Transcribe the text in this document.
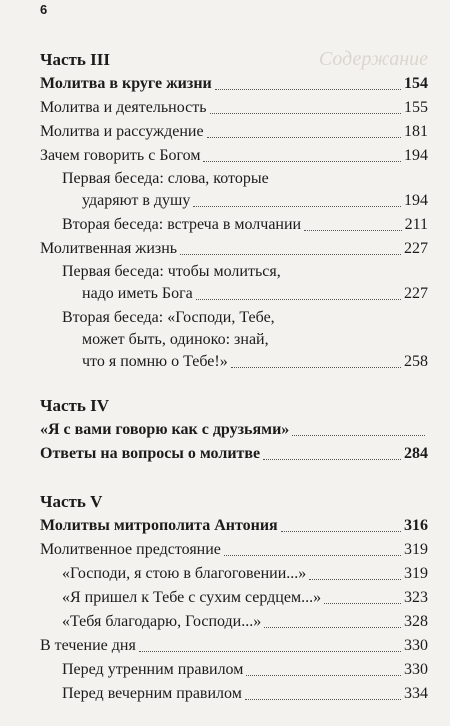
6
Содержание
Часть III
Молитва в круге жизни	154
Молитва и деятельность	155
Молитва и рассуждение	181
Зачем говорить с Богом	194
Первая беседа: слова, которые
ударяют в душу	194
Вторая беседа: встреча в молчании	211
Молитвенная жизнь	227
Первая беседа: чтобы молиться,
надо иметь Бога	227
Вторая беседа: «Господи, Тебе,
может быть, одиноко: знай,
что я помню о Тебе!»	258
Часть IV
«Я с вами говорю как с друзьями»
Ответы на вопросы о молитве	284
Часть V
Молитвы митрополита Антония	316
Молитвенное предстояние	319
«Господи, я стою в благоговении...»	319
«Я пришел к Тебе с сухим сердцем...»	323
«Тебя благодарю, Господи...»	328
В течение дня	330
Перед утренним правилом	330
Перед вечерним правилом	334
